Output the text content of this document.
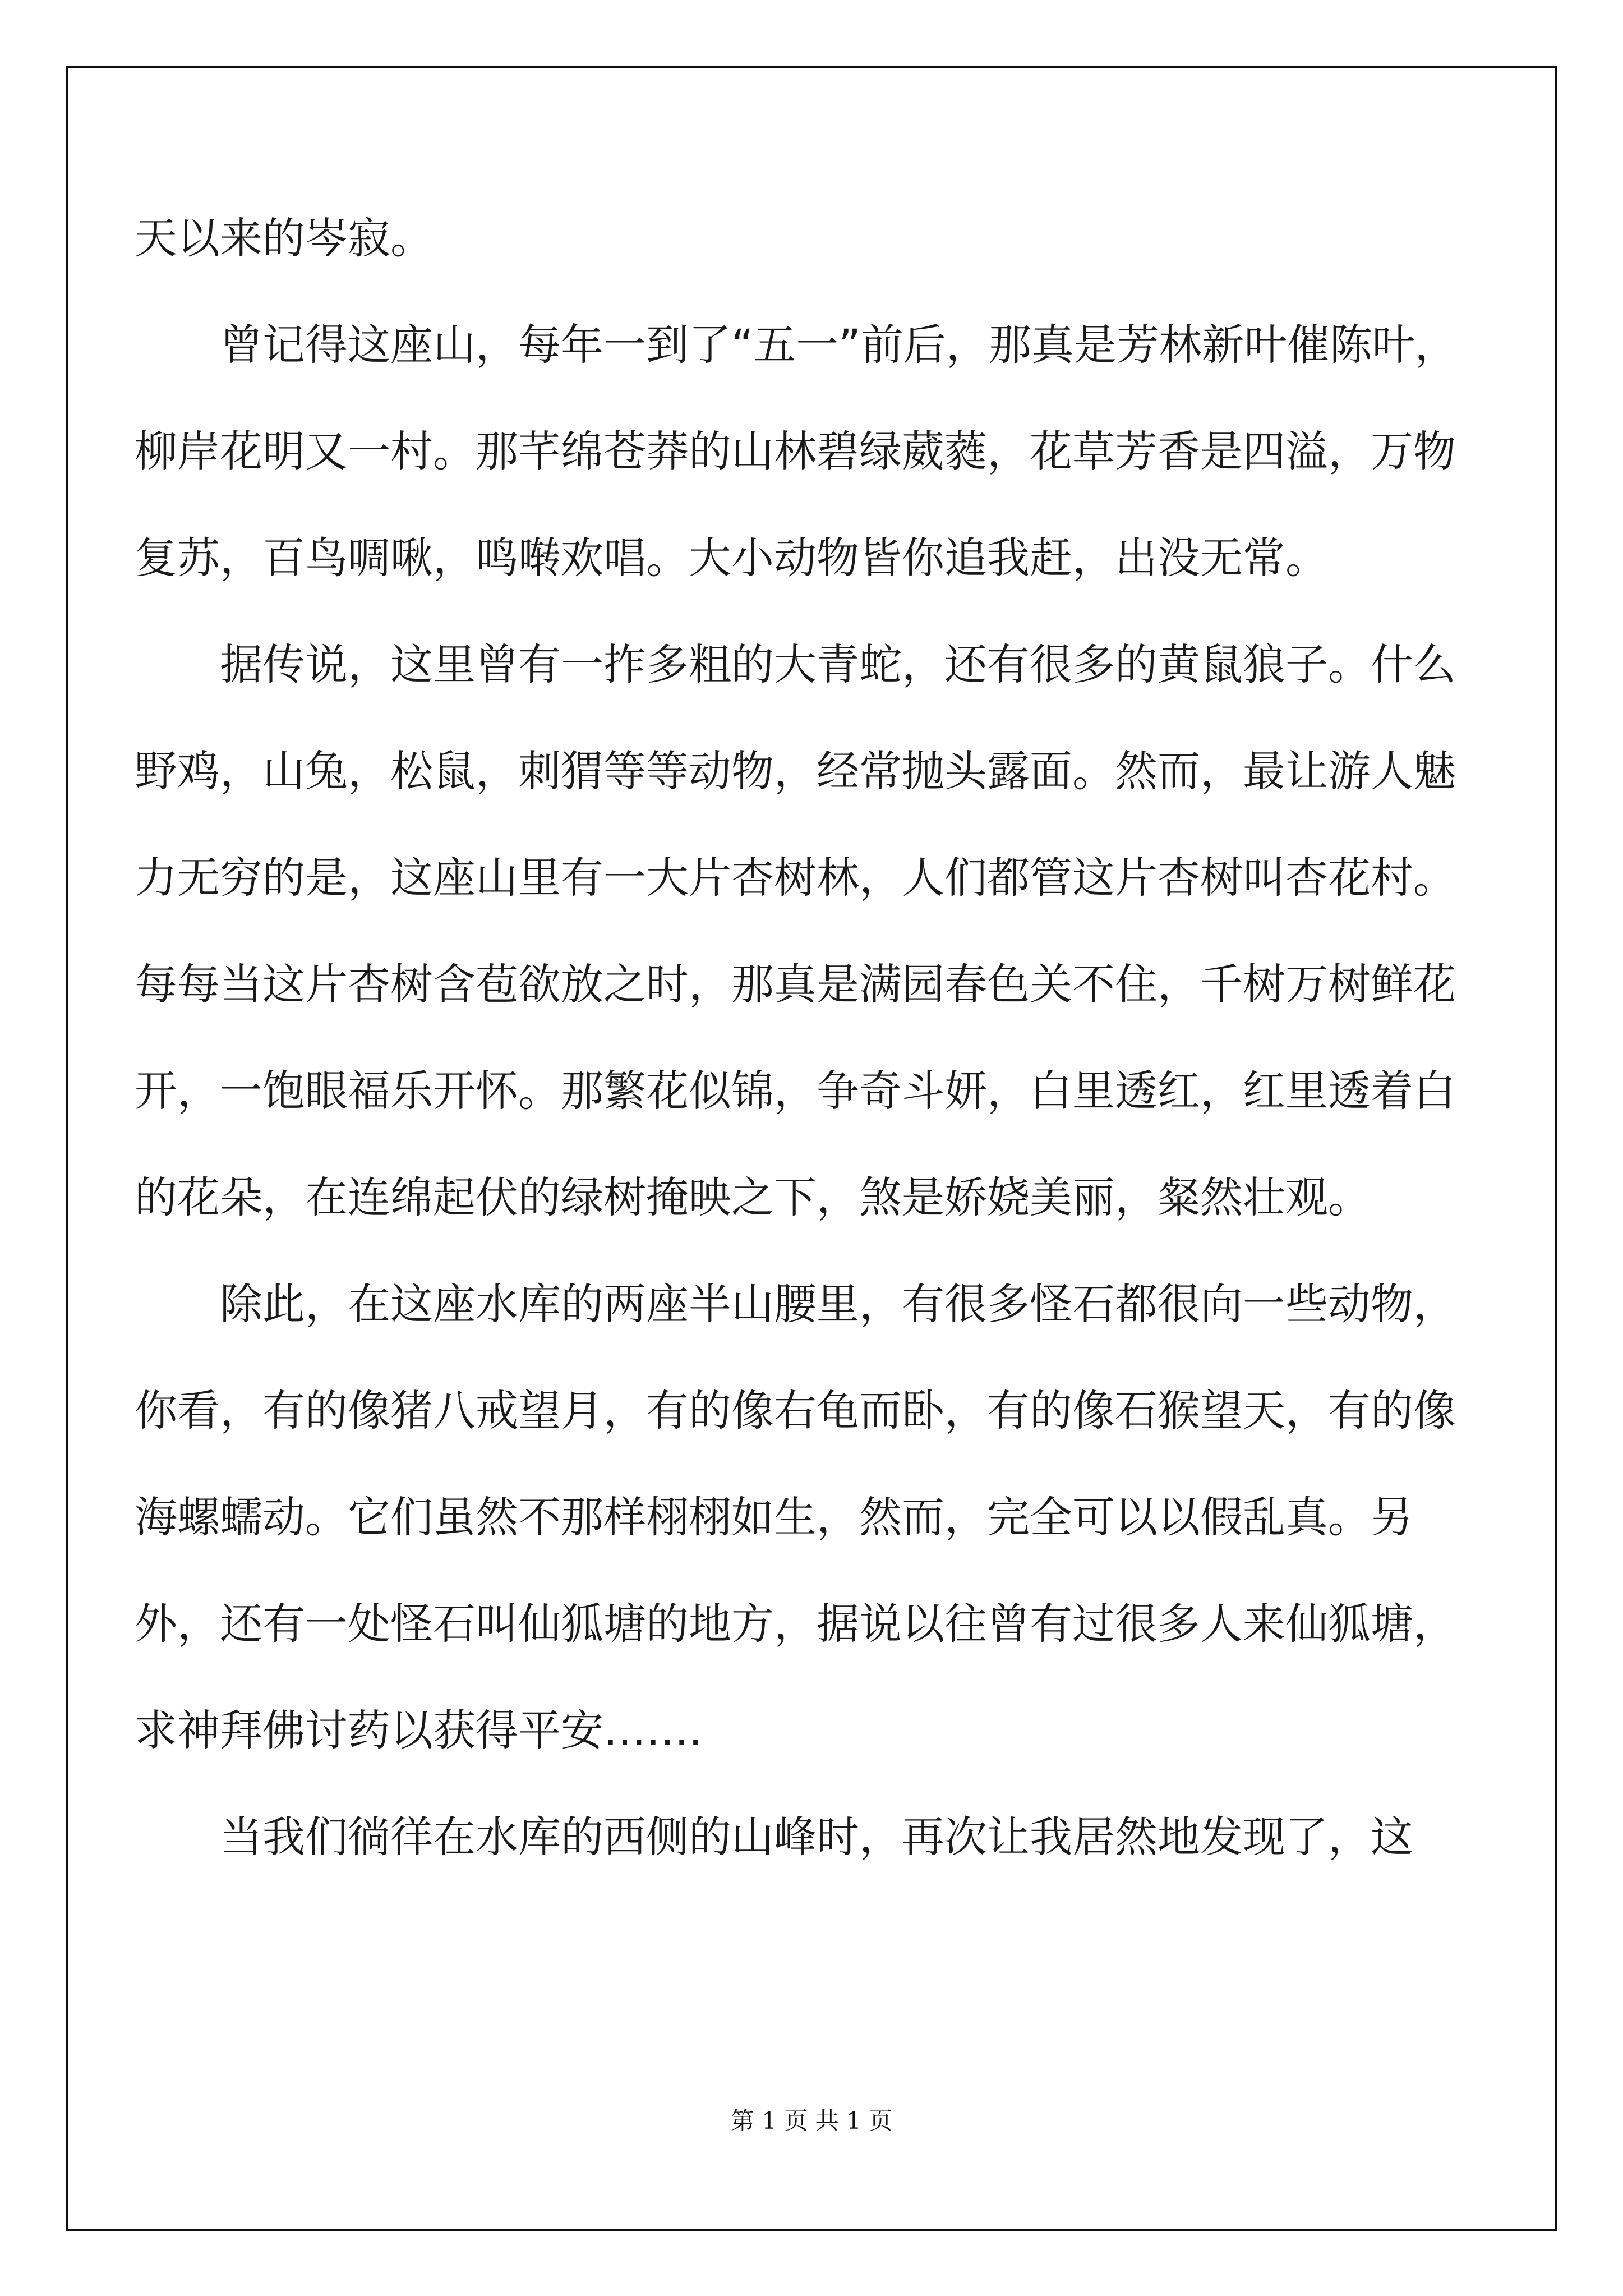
天以来的岑寂。

曾记得这座山，每年一到了“五一”前后，那真是芳林新叶催陈叶，柳岸花明又一村。那芊绵苍莽的山林碧绿葳蕤，花草芳香是四溢，万物复苏，百鸟啁啾，鸣啭欢唱。大小动物皆你追我赶，出没无常。

据传说，这里曾有一拃多粗的大青蛇，还有很多的黄鼠狼子。什么野鸡，山兔，松鼠，刺猬等等动物，经常抛头露面。然而，最让游人魅力无穷的是，这座山里有一大片杏树林，人们都管这片杏树叫杏花村。每每当这片杏树含苞欲放之时，那真是满园春色关不住，千树万树鲜花开，一饱眼福乐开怀。那繁花似锦，争奇斗妍，白里透红，红里透着白的花朵，在连绵起伏的绿树掩映之下，煞是娇娆美丽，粲然壮观。

除此，在这座水库的两座半山腰里，有很多怪石都很向一些动物，你看，有的像猪八戒望月，有的像右龟而卧，有的像石猴望天，有的像海螺蠕动。它们虽然不那样栩栩如生，然而，完全可以以假乱真。另外，还有一处怪石叫仙狐塘的地方，据说以往曾有过很多人来仙狐塘，求神拜佛讨药以获得平安…….

当我们徜徉在水库的西侧的山峰时，再次让我居然地发现了，这

第 1 页 共 1 页
